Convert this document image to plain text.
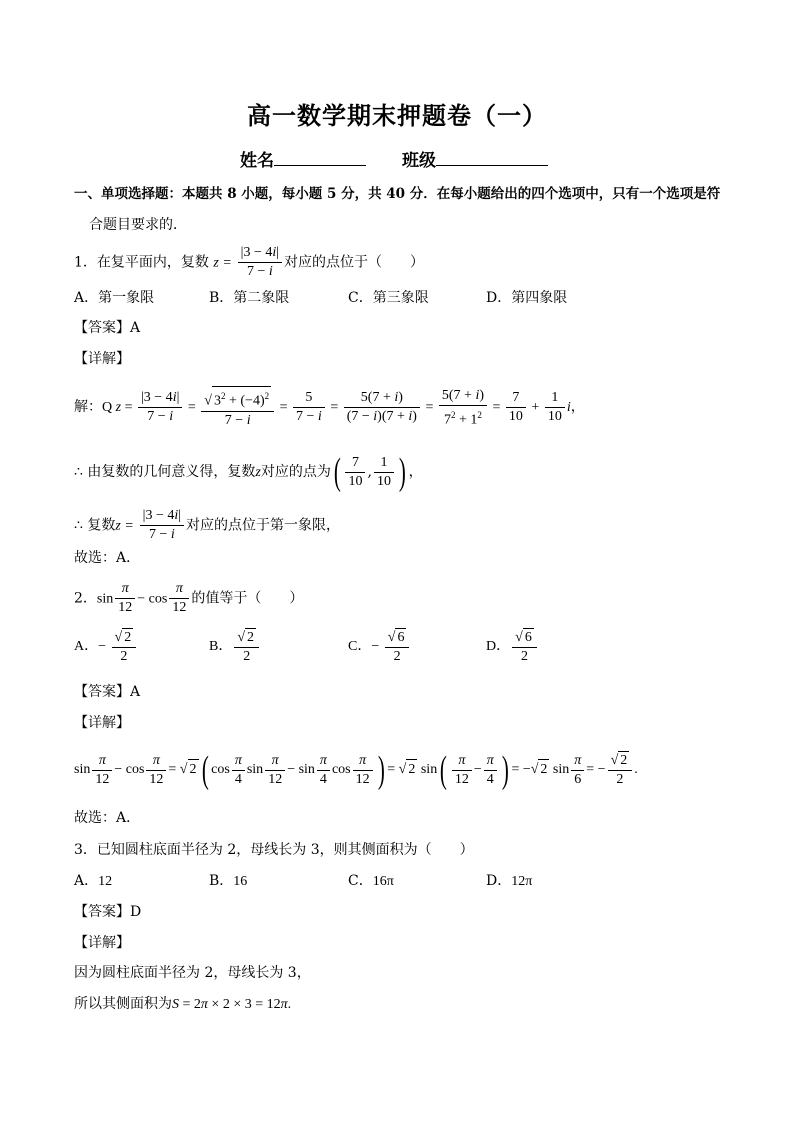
高一数学期末押题卷（一）
姓名	班级
一、单项选择题：本题共 8 小题，每小题 5 分，共 40 分．在每小题给出的四个选项中，只有一个选项是符
合题目要求的．
1．在复平面内，复数 $z = \frac{|3 - 4i|}{7 - i}$ 对应的点位于（　　）
A．第一象限	B．第二象限	C．第三象限	D．第四象限
【答案】A
【详解】
解：Q $z = \frac{|3 - 4i|}{7 - i} = \frac{√ 3^2 + (-4)^2}{7 - i} = \frac{5}{7 - i} = \frac{5(7 + i)}{(7 - i)(7 + i)} = \frac{5(7 + i)}{7^2 + 1^2} = \frac{7}{10} + \frac{1}{10}$ i，
∴ 由复数的几何意义得，复数z对应的点为( $\frac{7}{10}$ , $\frac{1}{10}$ ) ，
∴ 复数$z = \frac{|3 - 4i|}{7 - i}$ 对应的点位于第一象限，
故选：A．
2．$\sin \frac{\pi}{12} - \cos \frac{\pi}{12}$ 的值等于（　　）
A．− $\frac{√ 2}{2}$	B． $\frac{√ 2}{2}$	C．− $\frac{√ 6}{2}$	D． $\frac{√ 6}{2}$
【答案】A
【详解】
$\sin \frac{\pi}{12} - \cos \frac{\pi}{12}$ = √ 2 ( $\cos \frac{\pi}{4}$ $\sin \frac{\pi}{12} - \sin \frac{\pi}{4}$ $\cos \frac{\pi}{12}$ ) = √ 2 $\sin( \frac{\pi}{12} - \frac{\pi}{4}$ ) = −√ 2 $\sin \frac{\pi}{6}$ = − $\frac{√ 2}{2}$ .
故选：A．
3．已知圆柱底面半径为 2，母线长为 3，则其侧面积为（　　）
A．12	B．16	C．16π	D．12π
【答案】D
【详解】
因为圆柱底面半径为 2，母线长为 3，
所以其侧面积为S = 2π × 2 × 3 = 12π.
